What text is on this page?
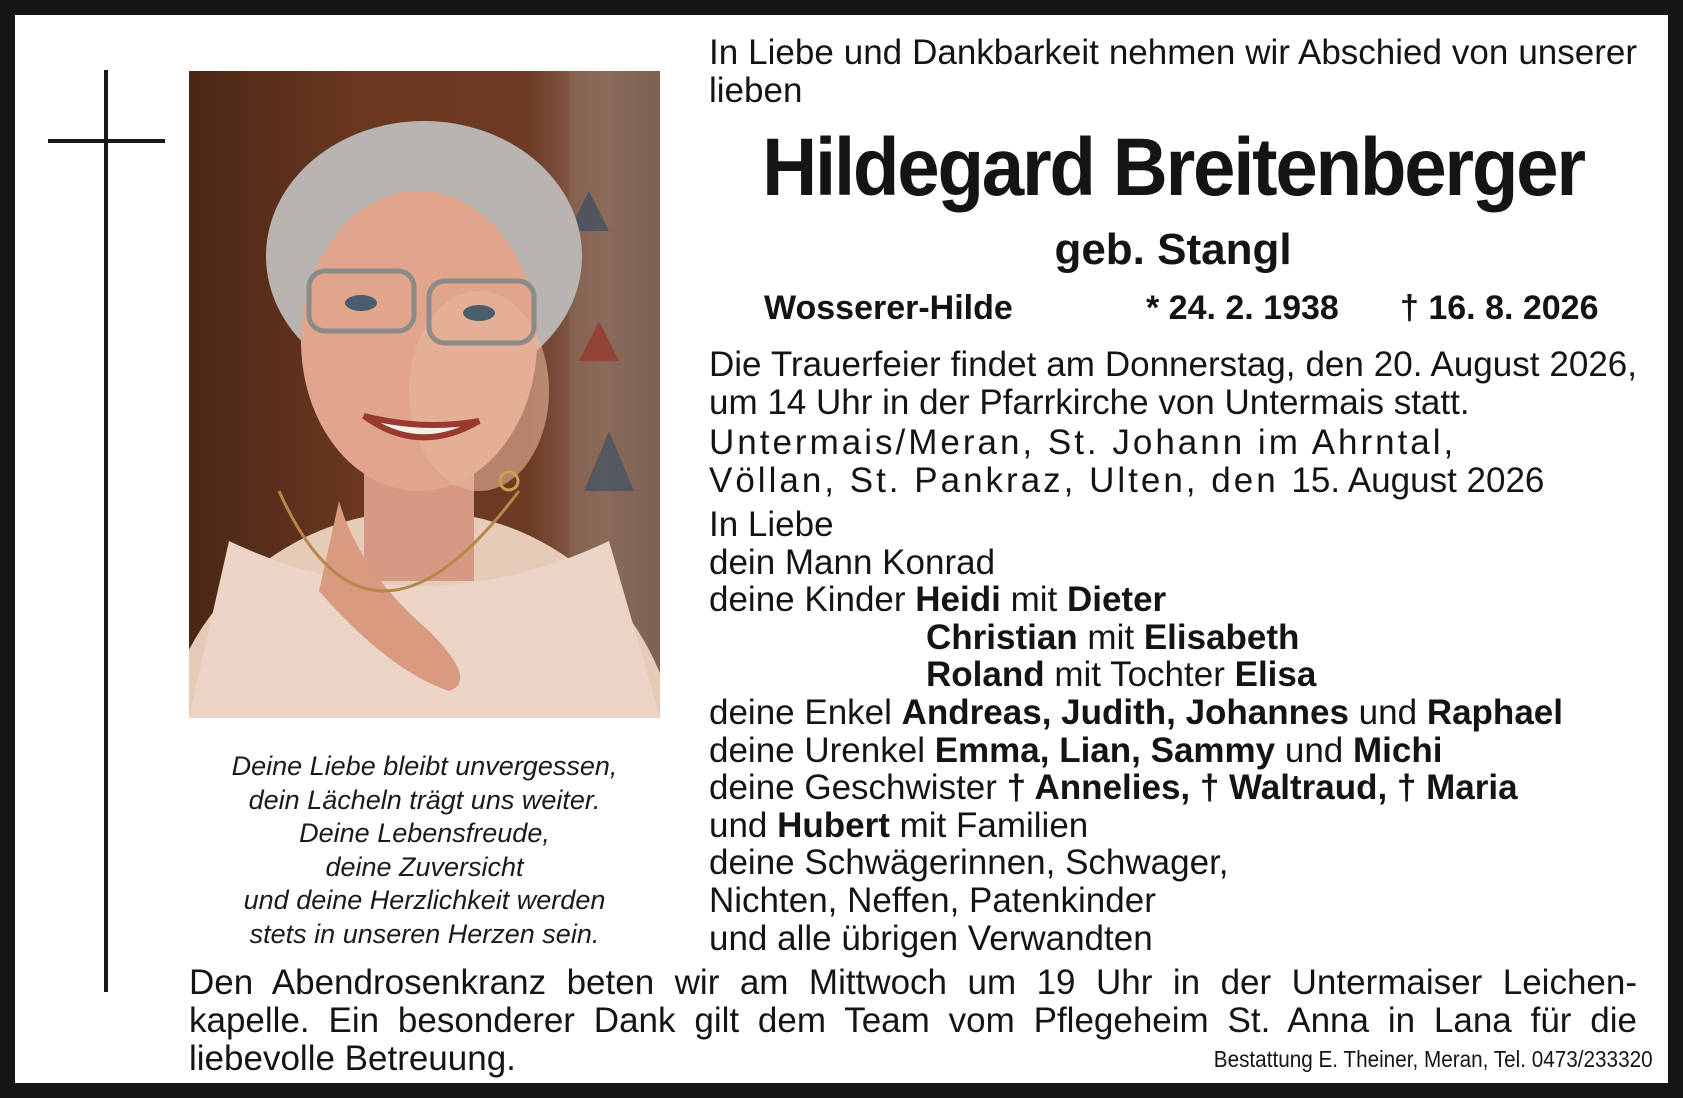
Deine Liebe bleibt unvergessen,
dein Lächeln trägt uns weiter.
Deine Lebensfreude,
deine Zuversicht
und deine Herzlichkeit werden
stets in unseren Herzen sein.
In Liebe und Dankbarkeit nehmen wir Abschied von unserer lieben
Hildegard Breitenberger
geb. Stangl
Wosserer-Hilde	* 24. 2. 1938 † 16. 8. 2026
Die Trauerfeier findet am Donnerstag, den 20. August 2026, um 14 Uhr in der Pfarrkirche von Untermais statt.
Untermais/Meran, St. Johann im Ahrntal,
Völlan, St. Pankraz, Ulten, den 15. August 2026
In Liebe
dein Mann Konrad
deine Kinder Heidi mit Dieter
Christian mit Elisabeth
Roland mit Tochter Elisa
deine Enkel Andreas, Judith, Johannes und Raphael
deine Urenkel Emma, Lian, Sammy und Michi
deine Geschwister † Annelies, † Waltraud, † Maria
und Hubert mit Familien
deine Schwägerinnen, Schwager,
Nichten, Neffen, Patenkinder
und alle übrigen Verwandten
Den Abendrosenkranz beten wir am Mittwoch um 19 Uhr in der Untermaiser Leichen-
kapelle. Ein besonderer Dank gilt dem Team vom Pflegeheim St. Anna in Lana für die
liebevolle Betreuung.	Bestattung E. Theiner, Meran, Tel. 0473/233320
